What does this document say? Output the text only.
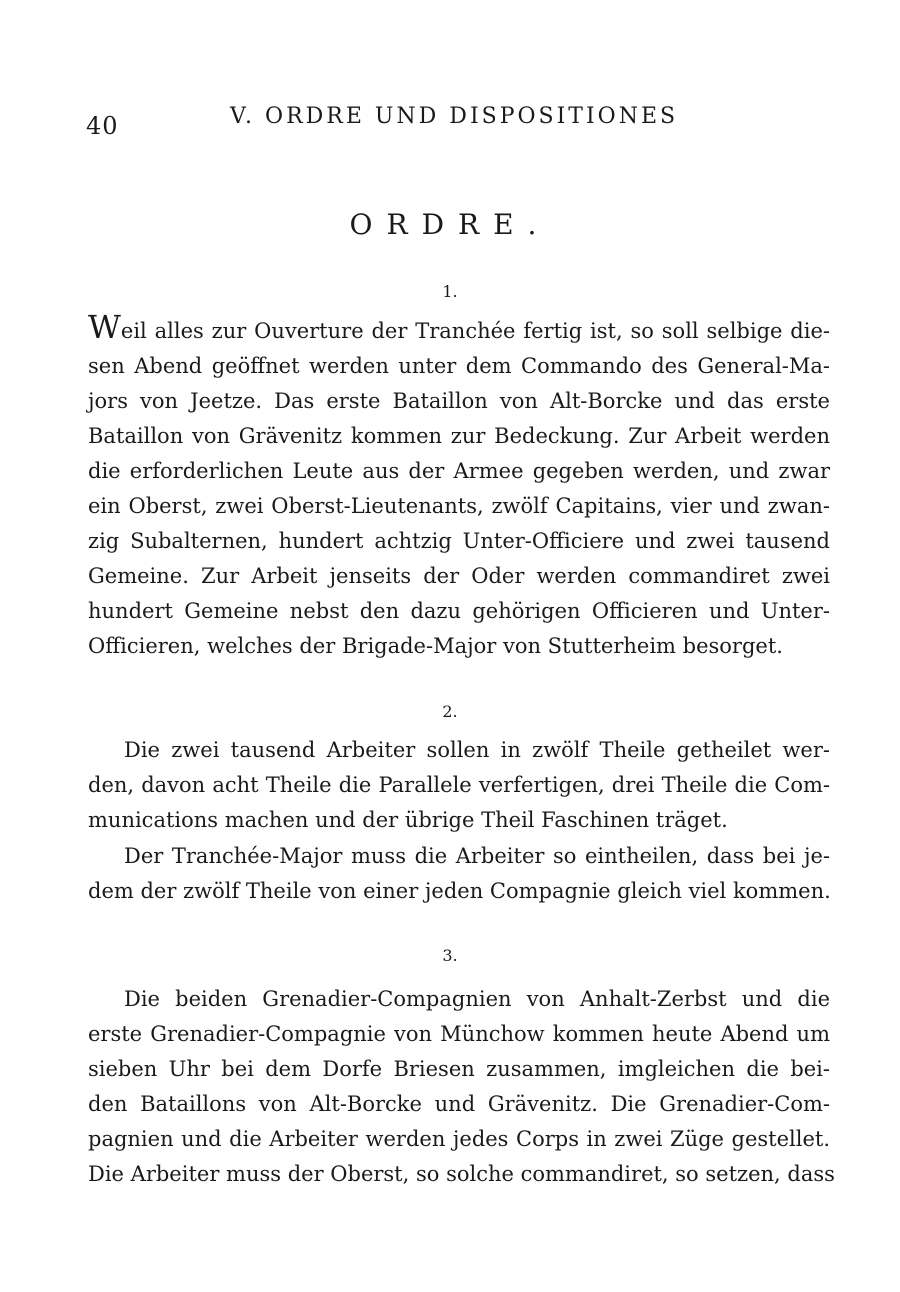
40	V. ORDRE UND DISPOSITIONES
ORDRE.
1.
Weil alles zur Ouverture der Tranchée fertig ist, so soll selbige die-
sen Abend geöffnet werden unter dem Commando des General-Ma-
jors von Jeetze. Das erste Bataillon von Alt-Borcke und das erste
Bataillon von Grävenitz kommen zur Bedeckung. Zur Arbeit werden
die erforderlichen Leute aus der Armee gegeben werden, und zwar
ein Oberst, zwei Oberst-Lieutenants, zwölf Capitains, vier und zwan-
zig Subalternen, hundert achtzig Unter-Officiere und zwei tausend
Gemeine. Zur Arbeit jenseits der Oder werden commandiret zwei
hundert Gemeine nebst den dazu gehörigen Officieren und Unter-
Officieren, welches der Brigade-Major von Stutterheim besorget.
2.
Die zwei tausend Arbeiter sollen in zwölf Theile getheilet wer-
den, davon acht Theile die Parallele verfertigen, drei Theile die Com-
munications machen und der übrige Theil Faschinen träget.
Der Tranchée-Major muss die Arbeiter so eintheilen, dass bei je-
dem der zwölf Theile von einer jeden Compagnie gleich viel kommen.
3.
Die beiden Grenadier-Compagnien von Anhalt-Zerbst und die
erste Grenadier-Compagnie von Münchow kommen heute Abend um
sieben Uhr bei dem Dorfe Briesen zusammen, imgleichen die bei-
den Bataillons von Alt-Borcke und Grävenitz. Die Grenadier-Com-
pagnien und die Arbeiter werden jedes Corps in zwei Züge gestellet.
Die Arbeiter muss der Oberst, so solche commandiret, so setzen, dass
